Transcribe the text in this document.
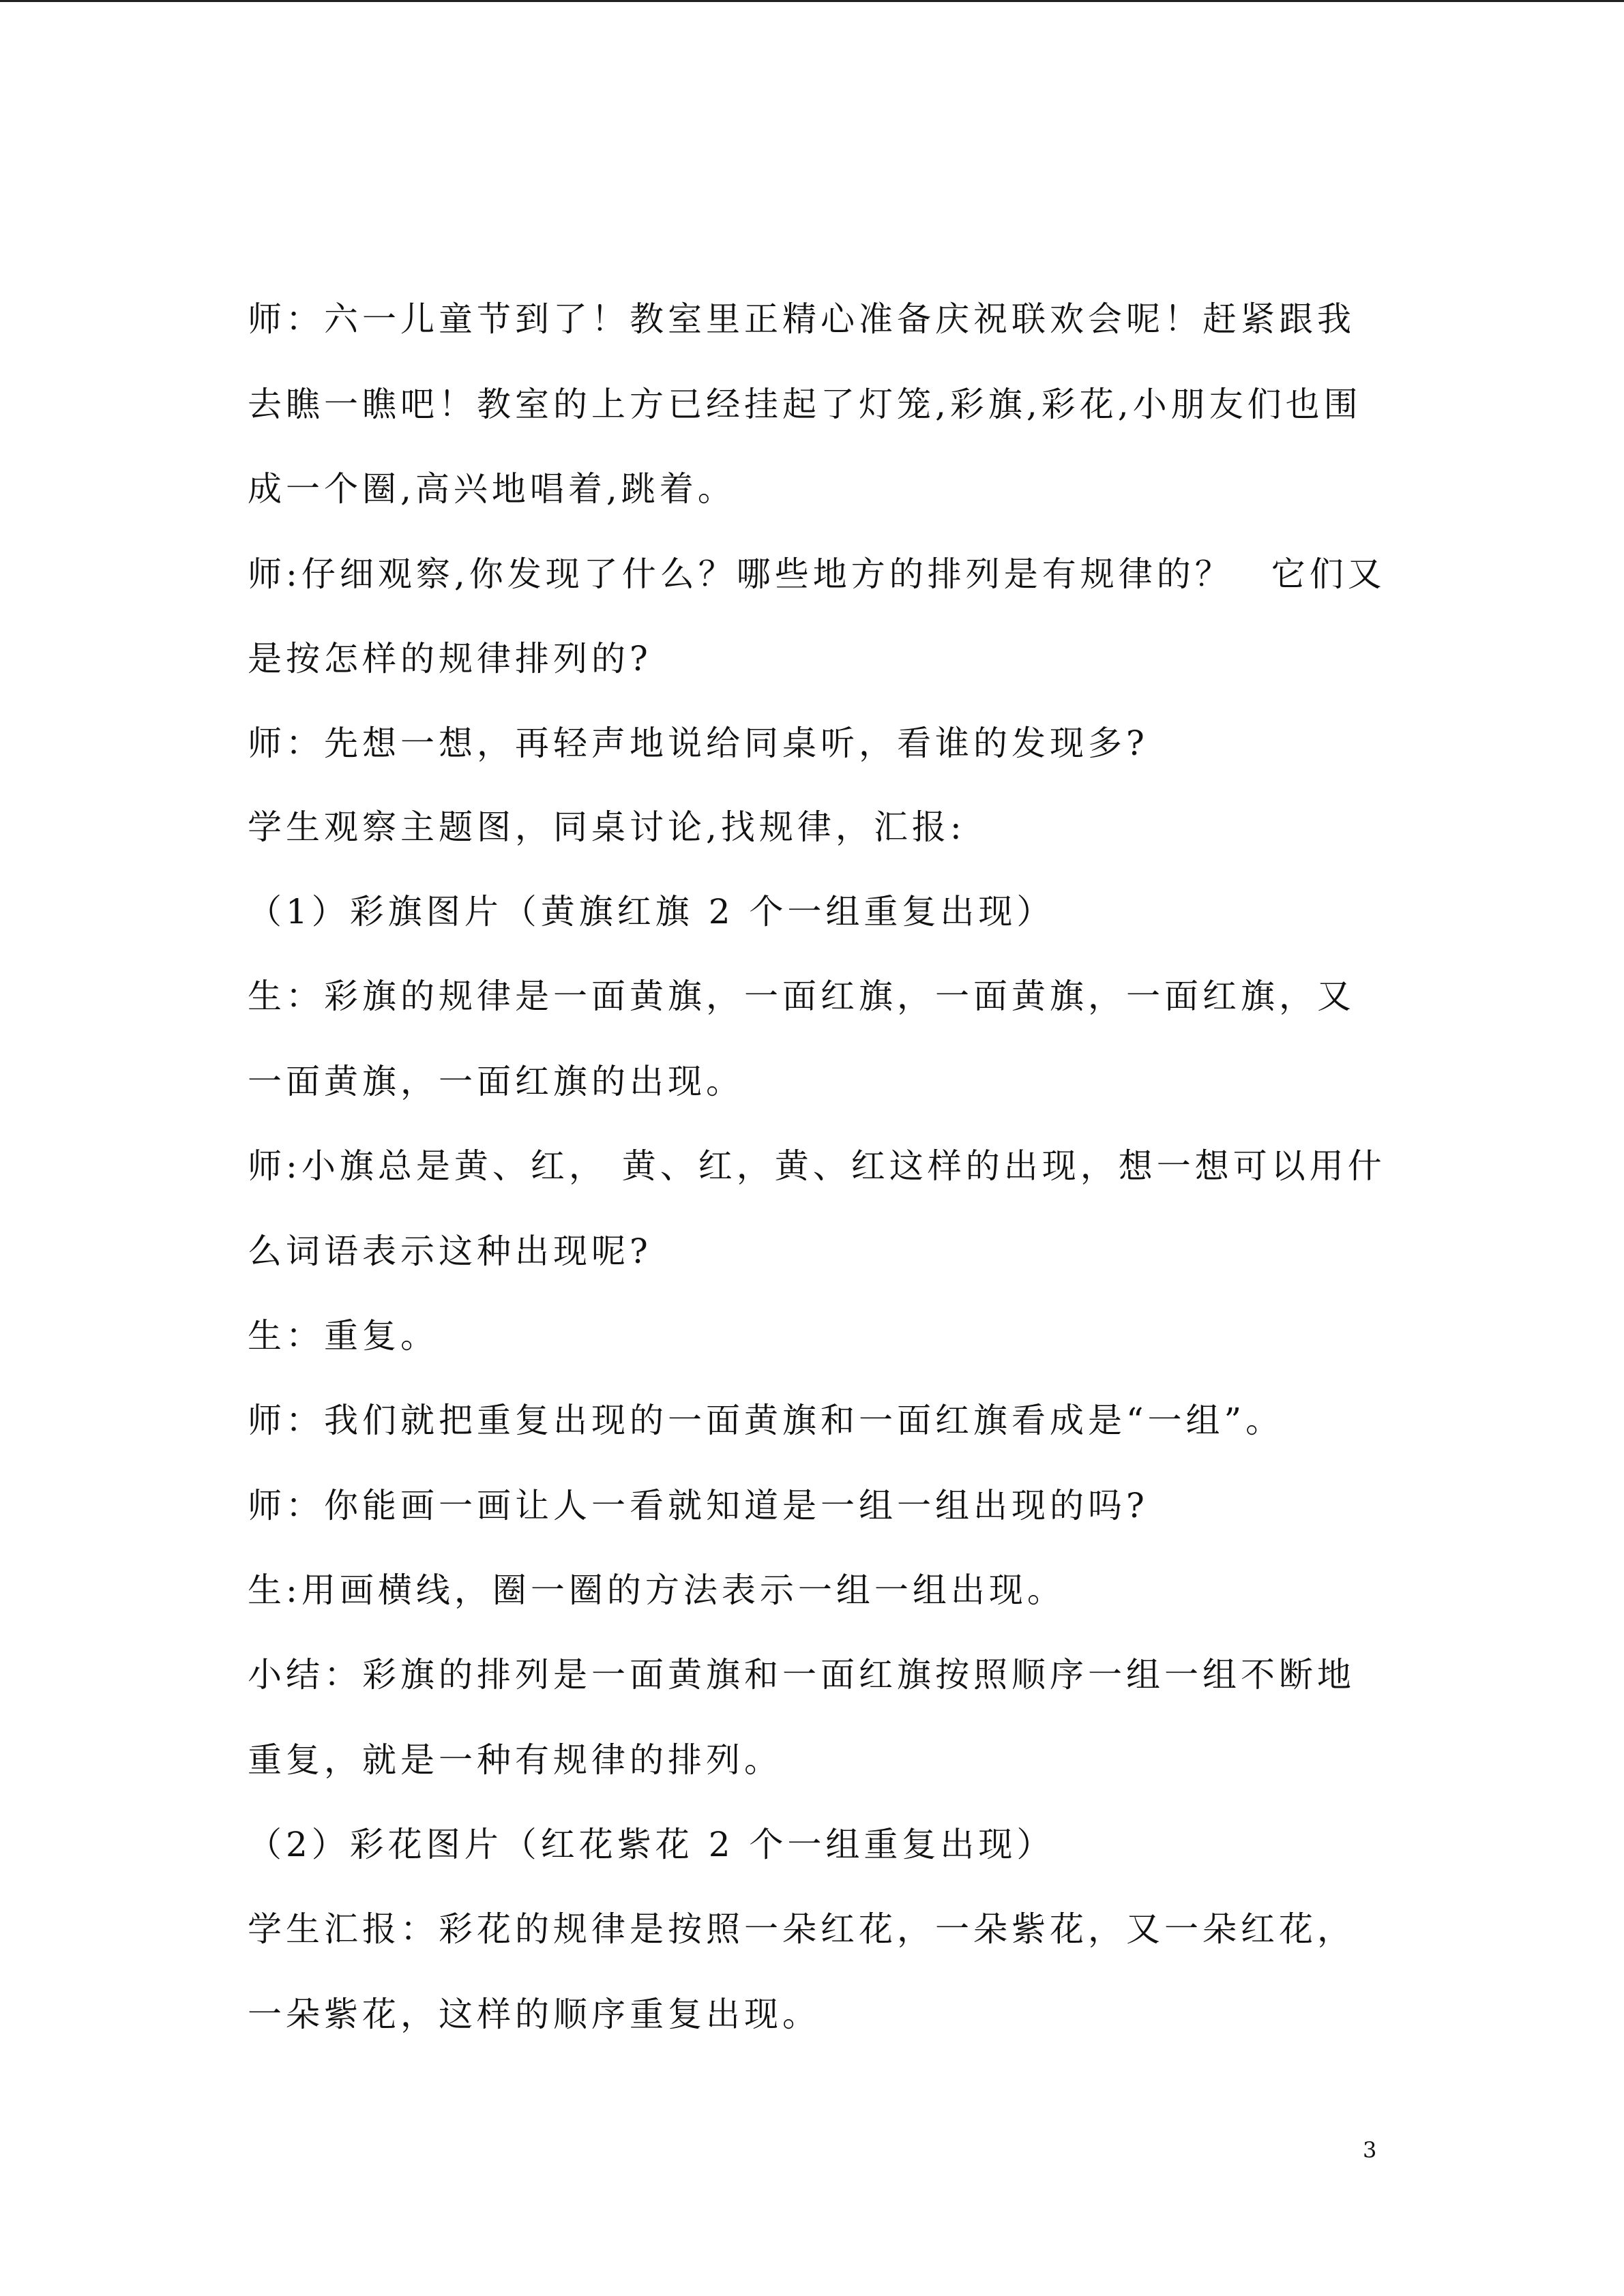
师：六一儿童节到了！教室里正精心准备庆祝联欢会呢！赶紧跟我
去瞧一瞧吧！教室的上方已经挂起了灯笼,彩旗,彩花,小朋友们也围
成一个圈,高兴地唱着,跳着。
师:仔细观察,你发现了什么？哪些地方的排列是有规律的？　它们又
是按怎样的规律排列的?
师：先想一想，再轻声地说给同桌听，看谁的发现多?
学生观察主题图，同桌讨论,找规律，汇报:
（1）彩旗图片（黄旗红旗 2 个一组重复出现）
生：彩旗的规律是一面黄旗，一面红旗，一面黄旗，一面红旗，又
一面黄旗，一面红旗的出现。
师:小旗总是黄、红， 黄、红，黄、红这样的出现，想一想可以用什
么词语表示这种出现呢?
生：重复。
师：我们就把重复出现的一面黄旗和一面红旗看成是“一组”。
师：你能画一画让人一看就知道是一组一组出现的吗?
生:用画横线，圈一圈的方法表示一组一组出现。
小结：彩旗的排列是一面黄旗和一面红旗按照顺序一组一组不断地
重复，就是一种有规律的排列。
（2）彩花图片（红花紫花 2 个一组重复出现）
学生汇报：彩花的规律是按照一朵红花，一朵紫花，又一朵红花，
一朵紫花，这样的顺序重复出现。
3
